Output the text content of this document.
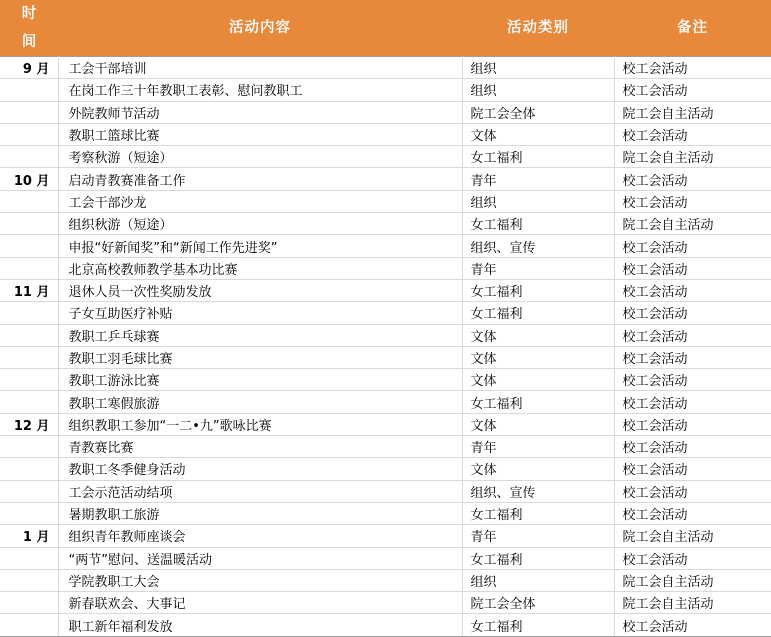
时 间	活动内容	活动类别	备注
9 月	工会干部培训	组织	校工会活动
	在岗工作三十年教职工表彰、慰问教职工	组织	校工会活动
	外院教师节活动	院工会全体	院工会自主活动
	教职工篮球比赛	文体	校工会活动
	考察秋游（短途）	女工福利	院工会自主活动
10 月	启动青教赛准备工作	青年	校工会活动
	工会干部沙龙	组织	校工会活动
	组织秋游（短途）	女工福利	院工会自主活动
	申报“好新闻奖”和“新闻工作先进奖”	组织、宣传	校工会活动
	北京高校教师教学基本功比赛	青年	校工会活动
11 月	退休人员一次性奖励发放	女工福利	校工会活动
	子女互助医疗补贴	女工福利	校工会活动
	教职工乒乓球赛	文体	校工会活动
	教职工羽毛球比赛	文体	校工会活动
	教职工游泳比赛	文体	校工会活动
	教职工寒假旅游	女工福利	校工会活动
12 月	组织教职工参加“一二•九”歌咏比赛	文体	校工会活动
	青教赛比赛	青年	校工会活动
	教职工冬季健身活动	文体	校工会活动
	工会示范活动结项	组织、宣传	校工会活动
	暑期教职工旅游	女工福利	校工会活动
1 月	组织青年教师座谈会	青年	院工会自主活动
	“两节”慰问、送温暖活动	女工福利	校工会活动
	学院教职工大会	组织	院工会自主活动
	新春联欢会、大事记	院工会全体	院工会自主活动
	职工新年福利发放	女工福利	校工会活动
